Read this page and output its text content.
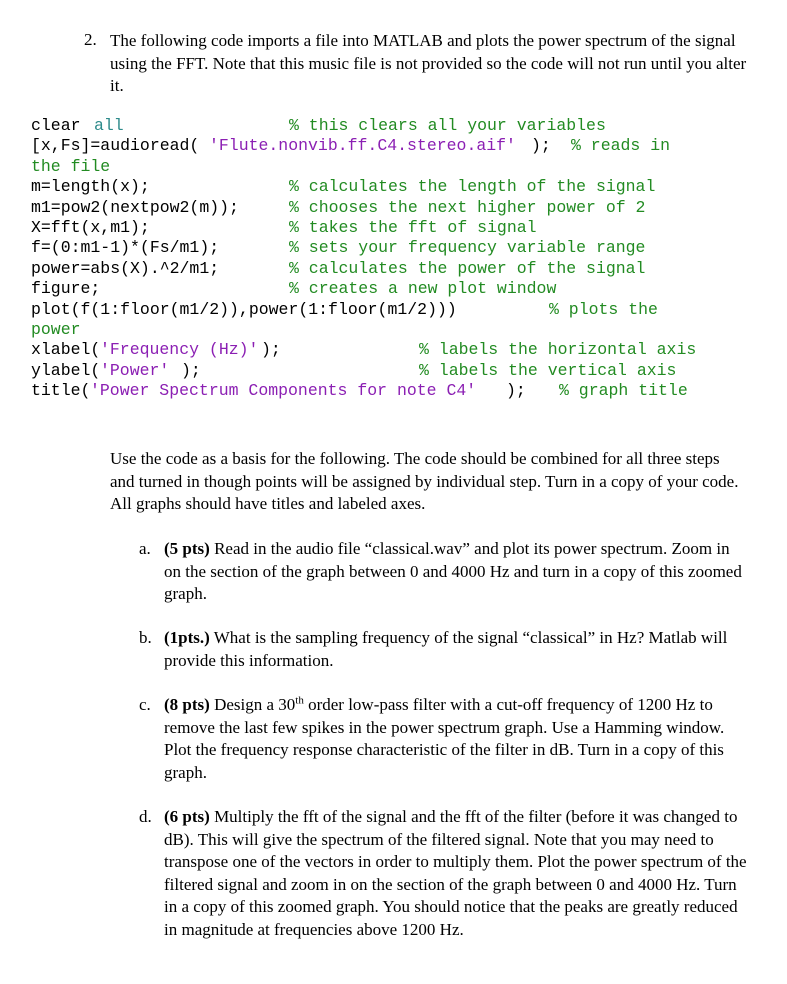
2. The following code imports a file into MATLAB and plots the power spectrum of the signal using the FFT. Note that this music file is not provided so the code will not run until you alter it.

clear

all

	% this clears all your variables

[x,Fs]=audioread(

'Flute.nonvib.ff.C4.stereo.aif'

);

% reads in

the file

m=length(x);

	% calculates the length of the signal

m1=pow2(nextpow2(m));

	% chooses the next higher power of 2

X=fft(x,m1);

	% takes the fft of signal

f=(0:m1-1)*(Fs/m1);

	% sets your frequency variable range

power=abs(X).^2/m1;

	% calculates the power of the signal

figure;

	% creates a new plot window

plot(f(1:floor(m1/2)),power(1:floor(m1/2)))

	% plots the

power

xlabel(

'Frequency (Hz)'

);

	% labels the horizontal axis

ylabel(

'Power'

);

	% labels the vertical axis

title(

'Power Spectrum Components for note C4'

);

% graph title

Use the code as a basis for the following. The code should be combined for all three steps and turned in though points will be assigned by individual step. Turn in a copy of your code. All graphs should have titles and labeled axes.

a. (5 pts) Read in the audio file “classical.wav” and plot its power spectrum. Zoom in on the section of the graph between 0 and 4000 Hz and turn in a copy of this zoomed graph.
b. (1pts.) What is the sampling frequency of the signal “classical” in Hz? Matlab will provide this information.
c. (8 pts) Design a 30th order low-pass filter with a cut-off frequency of 1200 Hz to remove the last few spikes in the power spectrum graph. Use a Hamming window. Plot the frequency response characteristic of the filter in dB. Turn in a copy of this graph.
d. (6 pts) Multiply the fft of the signal and the fft of the filter (before it was changed to dB). This will give the spectrum of the filtered signal. Note that you may need to transpose one of the vectors in order to multiply them. Plot the power spectrum of the filtered signal and zoom in on the section of the graph between 0 and 4000 Hz. Turn in a copy of this zoomed graph. You should notice that the peaks are greatly reduced in magnitude at frequencies above 1200 Hz.
